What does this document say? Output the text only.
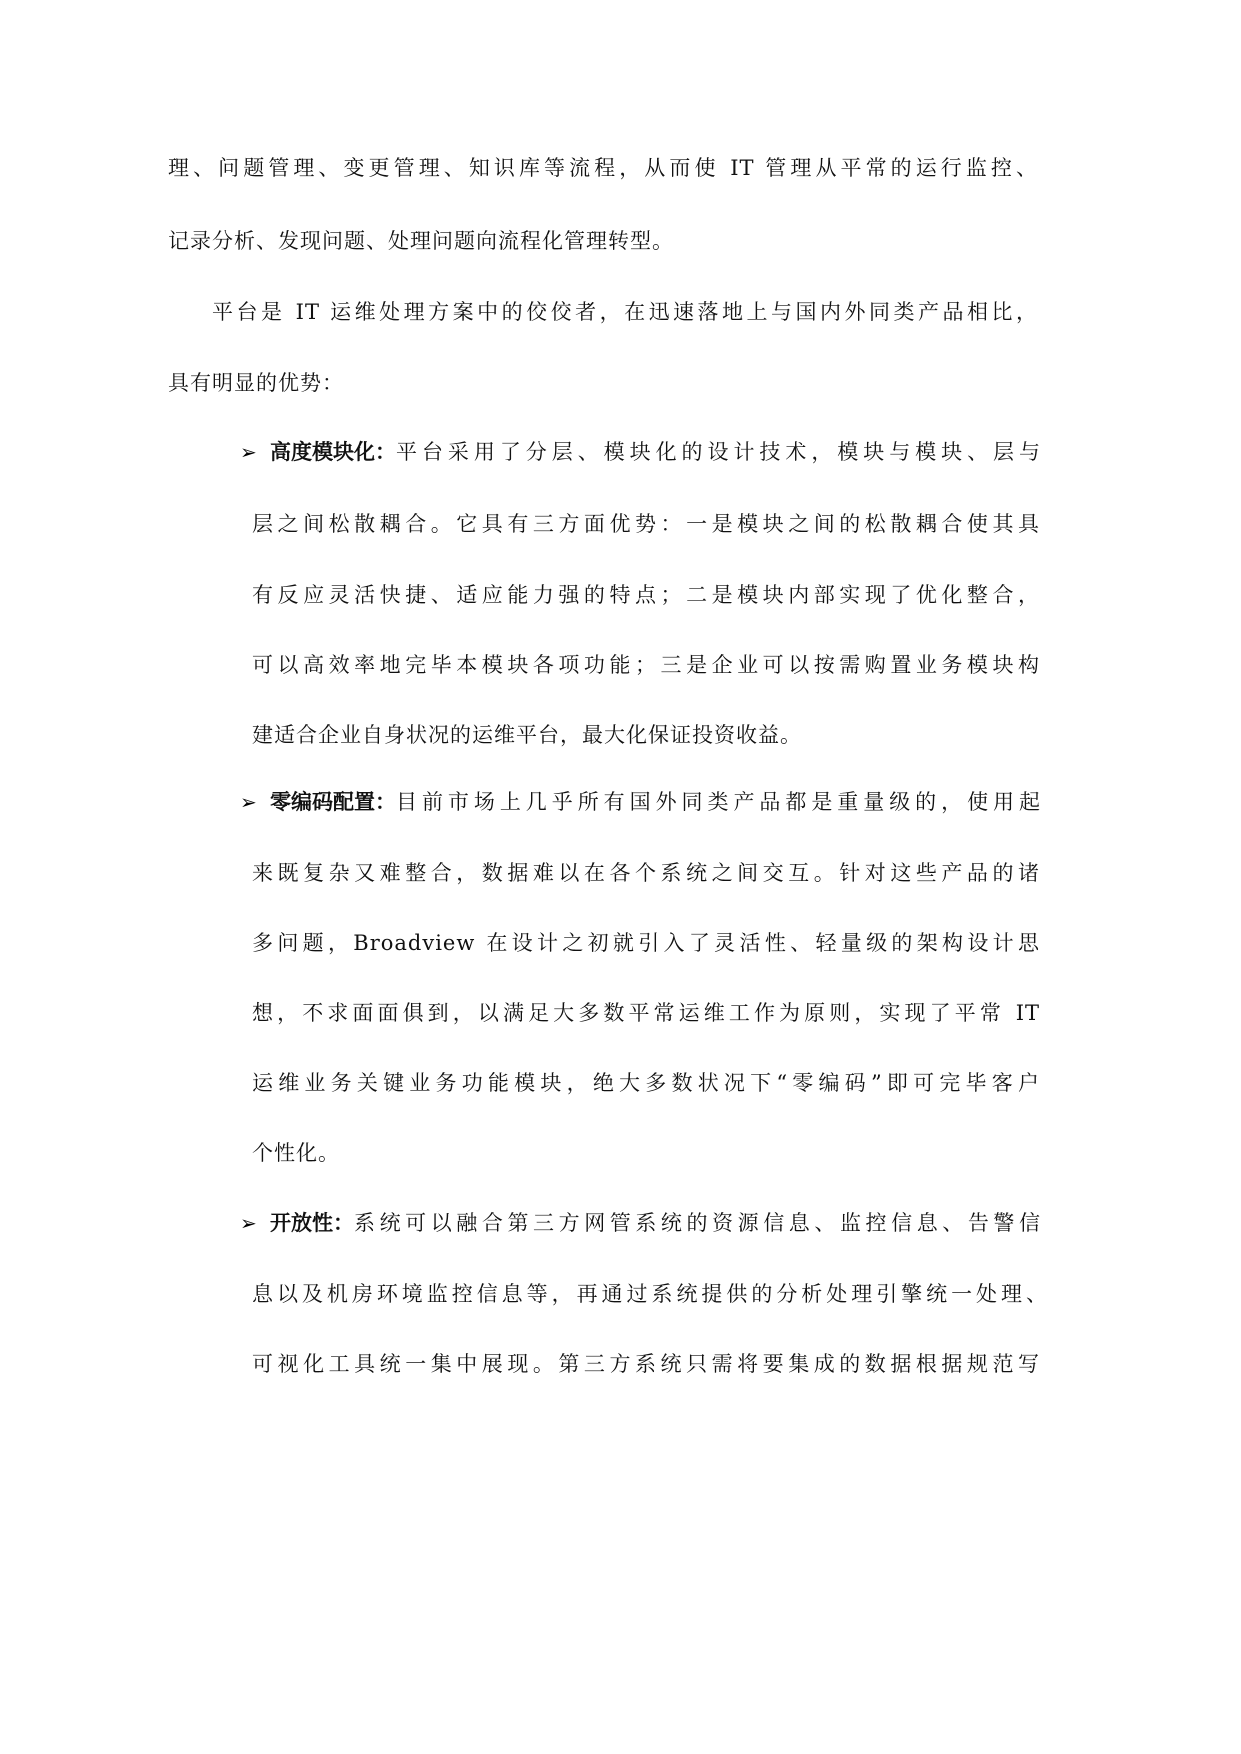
理、问题管理、变更管理、知识库等流程，从而使 IT 管理从平常的运行监控、
记录分析、发现问题、处理问题向流程化管理转型。
平台是 IT 运维处理方案中的佼佼者，在迅速落地上与国内外同类产品相比，
具有明显的优势：
➢ 高度模块化： 平台采用了分层、模块化的设计技术，模块与模块、层与
层之间松散耦合。它具有三方面优势：一是模块之间的松散耦合使其具
有反应灵活快捷、适应能力强的特点；二是模块内部实现了优化整合，
可以高效率地完毕本模块各项功能；三是企业可以按需购置业务模块构
建适合企业自身状况的运维平台，最大化保证投资收益。
➢ 零编码配置： 目前市场上几乎所有国外同类产品都是重量级的，使用起
来既复杂又难整合，数据难以在各个系统之间交互。针对这些产品的诸
多问题，Broadview 在设计之初就引入了灵活性、轻量级的架构设计思
想，不求面面俱到，以满足大多数平常运维工作为原则，实现了平常 IT
运维业务关键业务功能模块，绝大多数状况下“零编码”即可完毕客户
个性化。
➢ 开放性： 系统可以融合第三方网管系统的资源信息、监控信息、告警信
息以及机房环境监控信息等，再通过系统提供的分析处理引擎统一处理、
可视化工具统一集中展现。第三方系统只需将要集成的数据根据规范写
